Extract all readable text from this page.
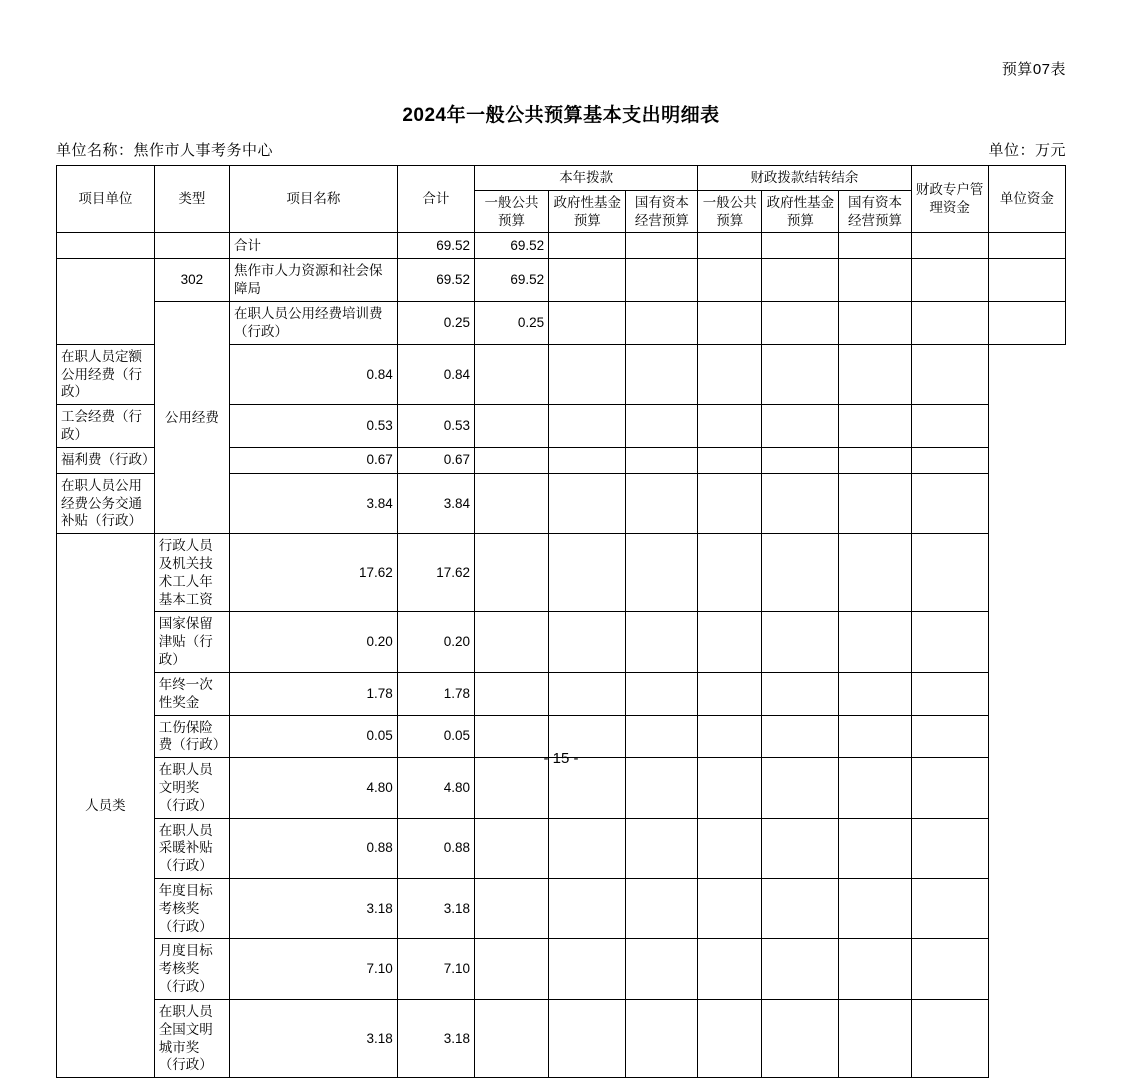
预算07表
2024年一般公共预算基本支出明细表
单位名称：焦作市人事考务中心	单位：万元
项目单位	类型	项目名称	合计	本年拨款			财政拨款结转结余			财政专户管理资金	单位资金
				一般公共预算	政府性基金预算	国有资本经营预算	一般公共预算	政府性基金预算	国有资本经营预算		
		合计	69.52	69.52							
	302	焦作市人力资源和社会保障局	69.52	69.52							
	公用经费	在职人员公用经费培训费（行政）	0.25	0.25							
在职人员定额公用经费（行政）		0.84	0.84								
工会经费（行政）		0.53	0.53								
福利费（行政）		0.67	0.67								
在职人员公用经费公务交通补贴（行政）		3.84	3.84								
人员类	行政人员及机关技术工人年基本工资	17.62	17.62								
	国家保留津贴（行政）	0.20	0.20								
	年终一次性奖金	1.78	1.78								
	工伤保险费（行政）	0.05	0.05								
	在职人员文明奖（行政）	4.80	4.80								
	在职人员采暖补贴（行政）	0.88	0.88								
	年度目标考核奖（行政）	3.18	3.18								
	月度目标考核奖（行政）	7.10	7.10								
	在职人员全国文明城市奖（行政）	3.18	3.18								
- 15 -
